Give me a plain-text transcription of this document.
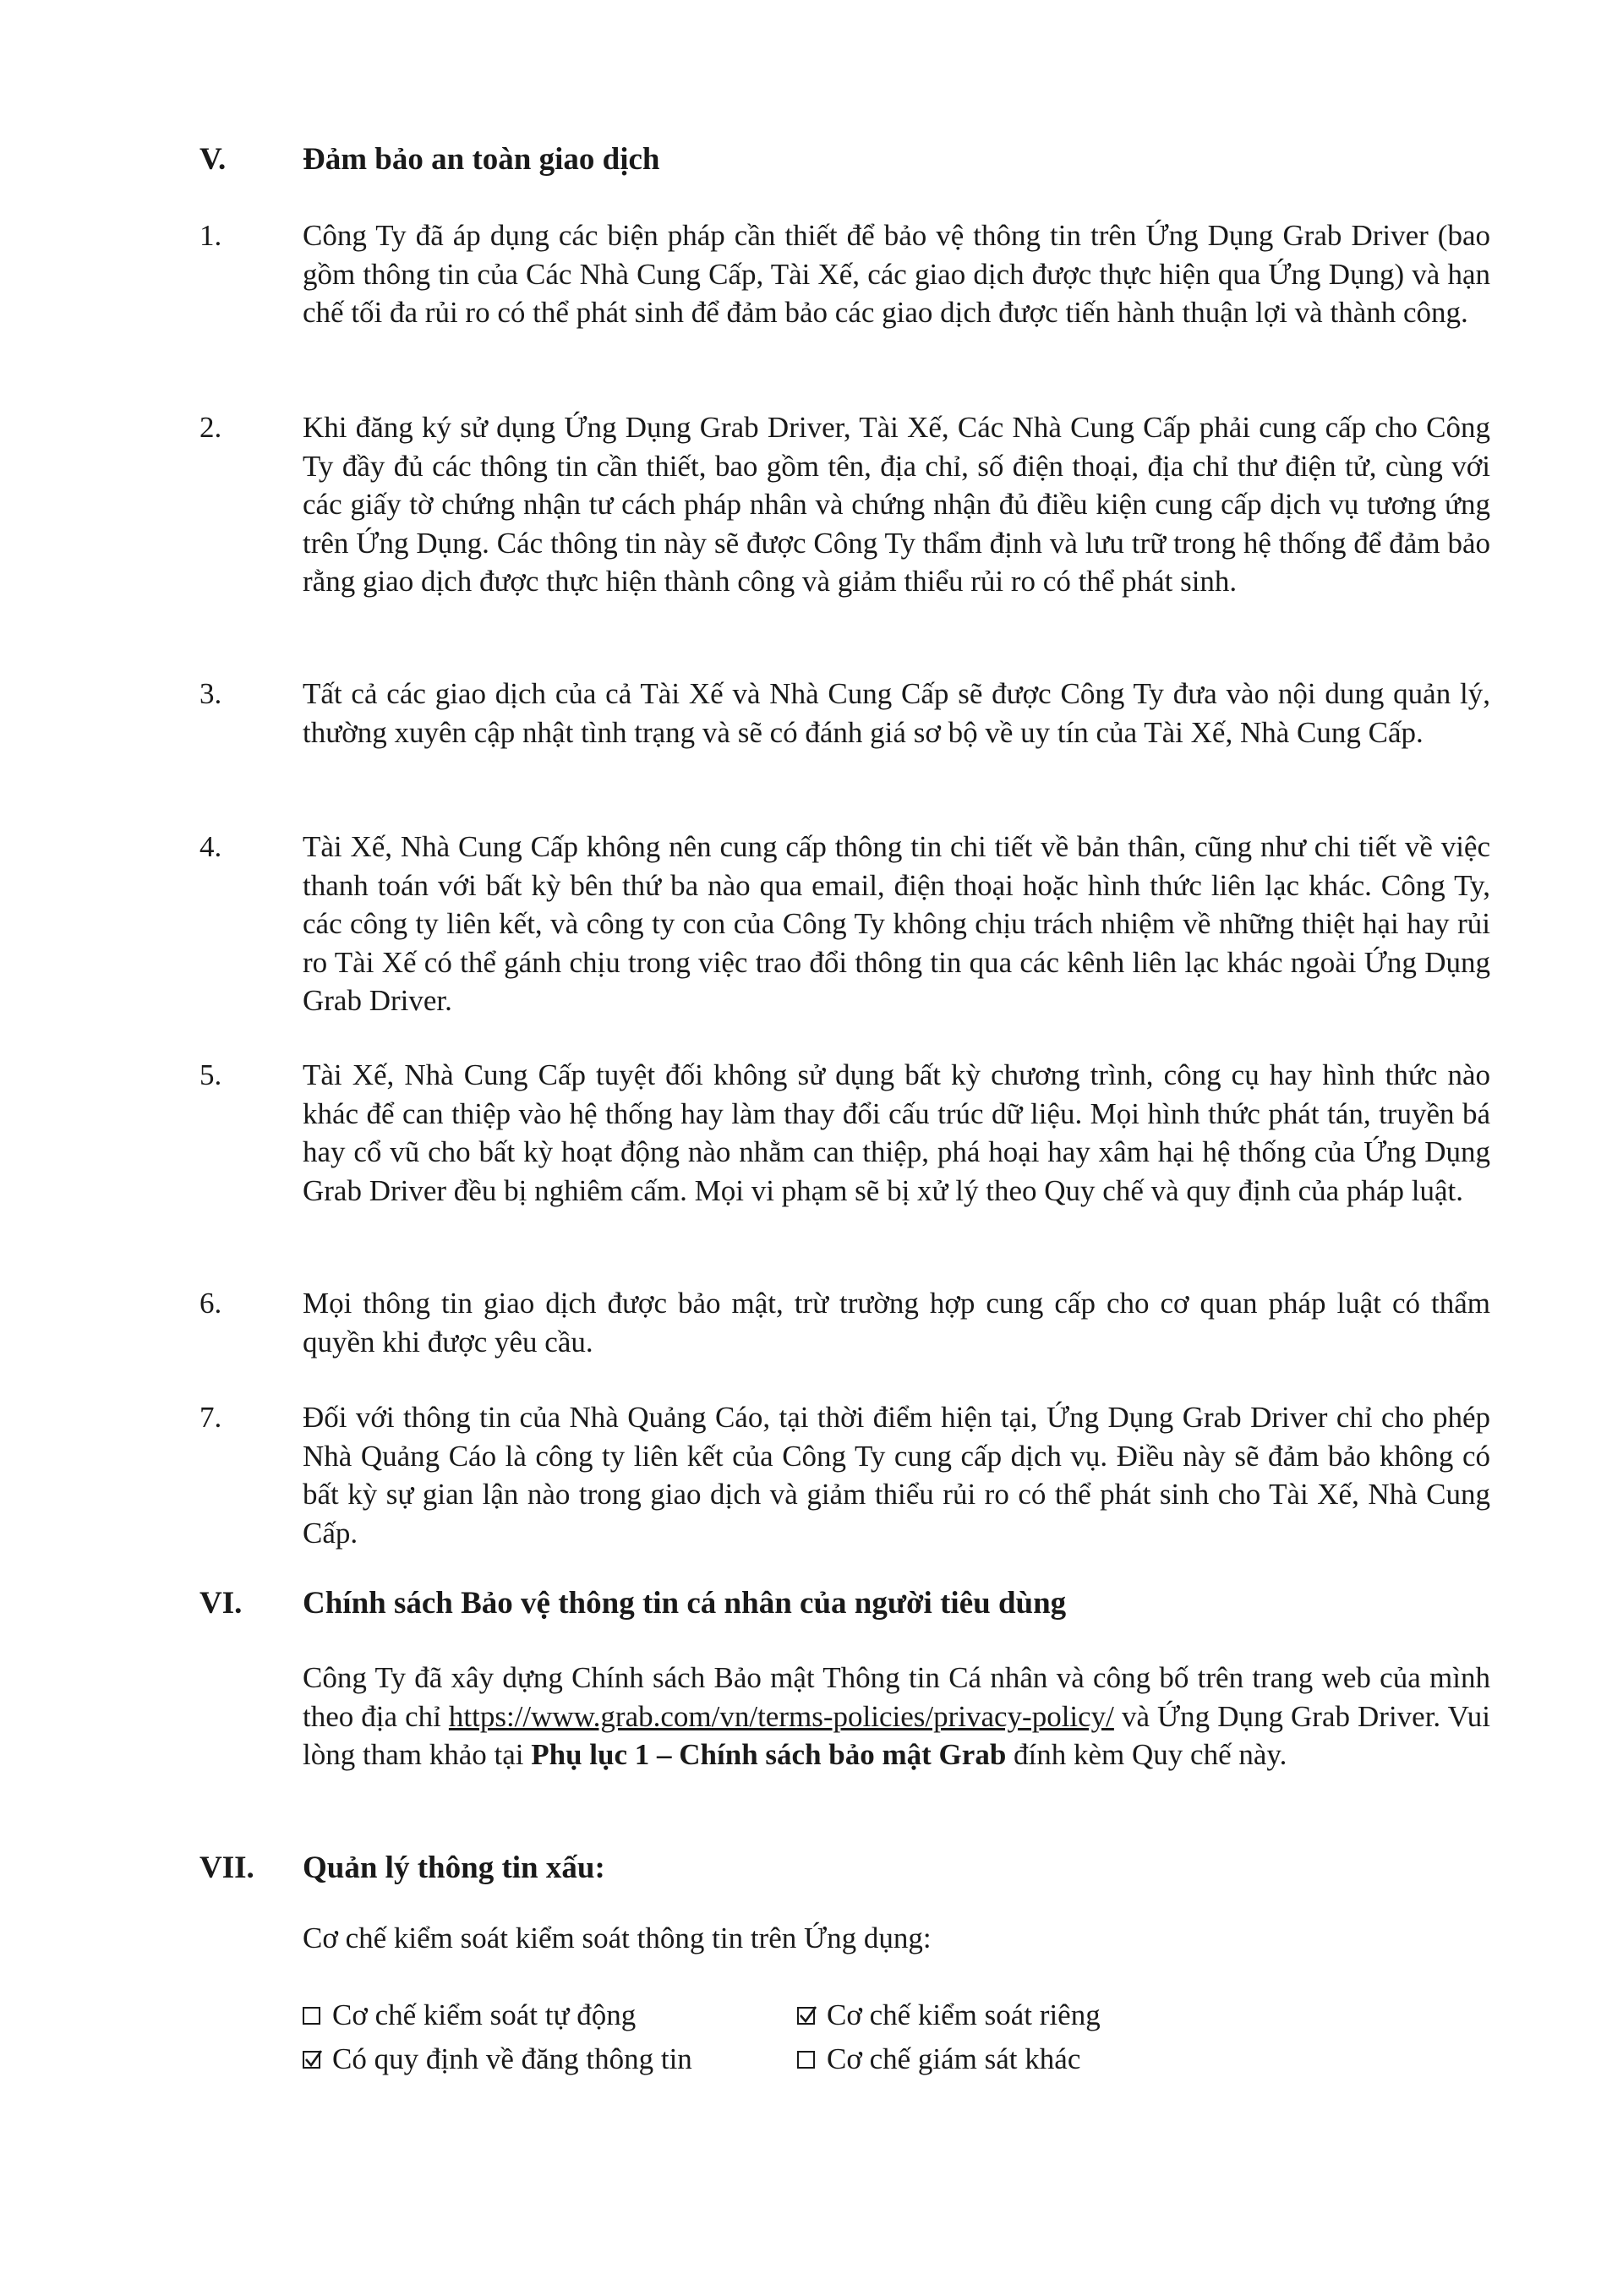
V. Đảm bảo an toàn giao dịch
1.	Công Ty đã áp dụng các biện pháp cần thiết để bảo vệ thông tin trên Ứng Dụng Grab Driver (bao gồm thông tin của Các Nhà Cung Cấp, Tài Xế, các giao dịch được thực hiện qua Ứng Dụng) và hạn chế tối đa rủi ro có thể phát sinh để đảm bảo các giao dịch được tiến hành thuận lợi và thành công.
2.	Khi đăng ký sử dụng Ứng Dụng Grab Driver, Tài Xế, Các Nhà Cung Cấp phải cung cấp cho Công Ty đầy đủ các thông tin cần thiết, bao gồm tên, địa chỉ, số điện thoại, địa chỉ thư điện tử, cùng với các giấy tờ chứng nhận tư cách pháp nhân và chứng nhận đủ điều kiện cung cấp dịch vụ tương ứng trên Ứng Dụng. Các thông tin này sẽ được Công Ty thẩm định và lưu trữ trong hệ thống để đảm bảo rằng giao dịch được thực hiện thành công và giảm thiểu rủi ro có thể phát sinh.
3.	Tất cả các giao dịch của cả Tài Xế và Nhà Cung Cấp sẽ được Công Ty đưa vào nội dung quản lý, thường xuyên cập nhật tình trạng và sẽ có đánh giá sơ bộ về uy tín của Tài Xế, Nhà Cung Cấp.
4.	Tài Xế, Nhà Cung Cấp không nên cung cấp thông tin chi tiết về bản thân, cũng như chi tiết về việc thanh toán với bất kỳ bên thứ ba nào qua email, điện thoại hoặc hình thức liên lạc khác. Công Ty, các công ty liên kết, và công ty con của Công Ty không chịu trách nhiệm về những thiệt hại hay rủi ro Tài Xế có thể gánh chịu trong việc trao đổi thông tin qua các kênh liên lạc khác ngoài Ứng Dụng Grab Driver.
5.	Tài Xế, Nhà Cung Cấp tuyệt đối không sử dụng bất kỳ chương trình, công cụ hay hình thức nào khác để can thiệp vào hệ thống hay làm thay đổi cấu trúc dữ liệu. Mọi hình thức phát tán, truyền bá hay cổ vũ cho bất kỳ hoạt động nào nhằm can thiệp, phá hoại hay xâm hại hệ thống của Ứng Dụng Grab Driver đều bị nghiêm cấm. Mọi vi phạm sẽ bị xử lý theo Quy chế và quy định của pháp luật.
6.	Mọi thông tin giao dịch được bảo mật, trừ trường hợp cung cấp cho cơ quan pháp luật có thẩm quyền khi được yêu cầu.
7.	Đối với thông tin của Nhà Quảng Cáo, tại thời điểm hiện tại, Ứng Dụng Grab Driver chỉ cho phép Nhà Quảng Cáo là công ty liên kết của Công Ty cung cấp dịch vụ. Điều này sẽ đảm bảo không có bất kỳ sự gian lận nào trong giao dịch và giảm thiểu rủi ro có thể phát sinh cho Tài Xế, Nhà Cung Cấp.
VI. Chính sách Bảo vệ thông tin cá nhân của người tiêu dùng
Công Ty đã xây dựng Chính sách Bảo mật Thông tin Cá nhân và công bố trên trang web của mình theo địa chỉ https://www.grab.com/vn/terms-policies/privacy-policy/ và Ứng Dụng Grab Driver. Vui lòng tham khảo tại Phụ lục 1 – Chính sách bảo mật Grab đính kèm Quy chế này.
VII. Quản lý thông tin xấu:
Cơ chế kiểm soát kiểm soát thông tin trên Ứng dụng:
Cơ chế kiểm soát tự động	Cơ chế kiểm soát riêng
Có quy định về đăng thông tin	Cơ chế giám sát khác
